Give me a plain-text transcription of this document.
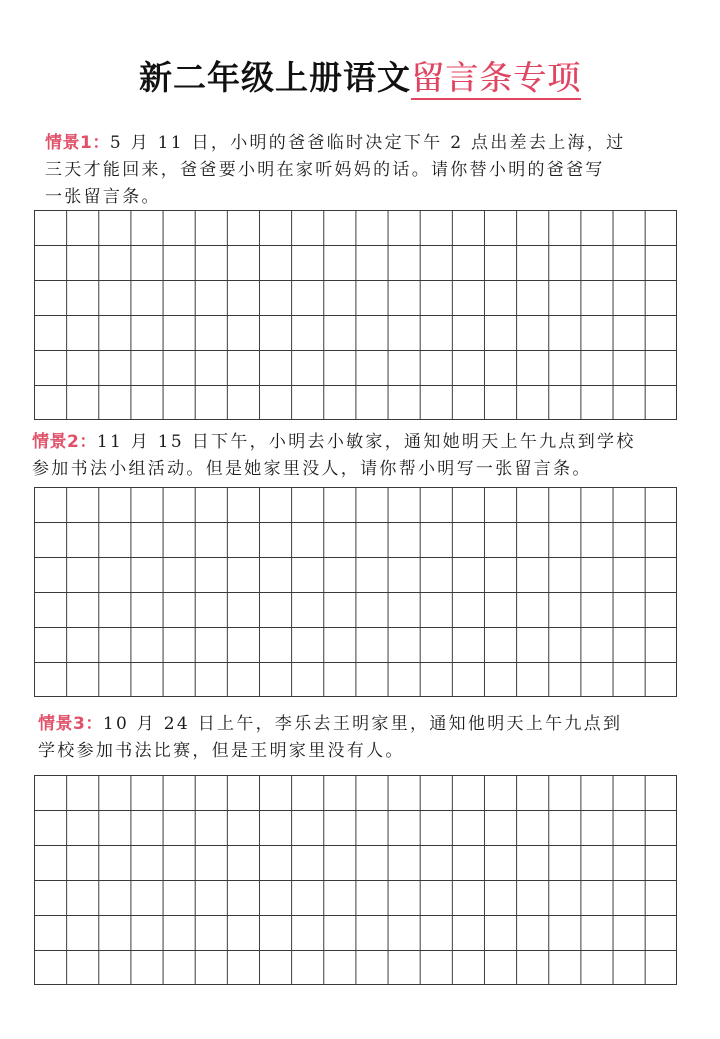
新二年级上册语文留言条专项
情景1：5 月 11 日，小明的爸爸临时决定下午 2 点出差去上海，过
三天才能回来，爸爸要小明在家听妈妈的话。请你替小明的爸爸写
一张留言条。
情景2：11 月 15 日下午，小明去小敏家，通知她明天上午九点到学校
参加书法小组活动。但是她家里没人，请你帮小明写一张留言条。
情景3：10 月 24 日上午，李乐去王明家里，通知他明天上午九点到
学校参加书法比赛，但是王明家里没有人。
